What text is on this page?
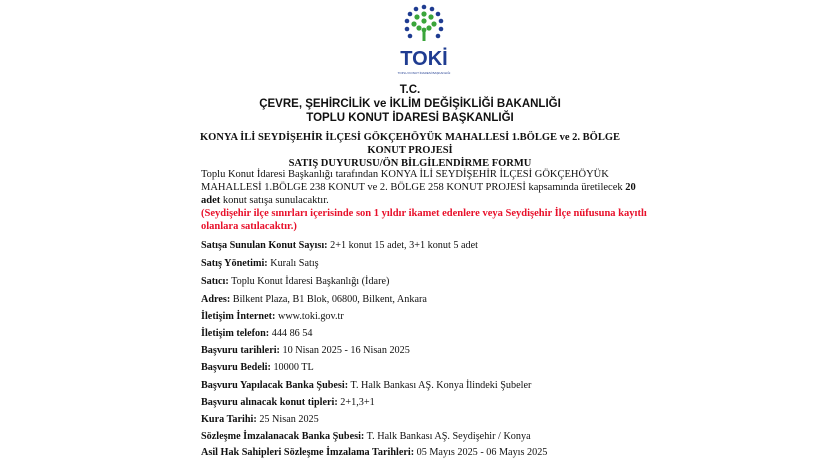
TOKİ
TOPLU KONUT İDARESİ BAŞKANLIĞI
T.C.
ÇEVRE, ŞEHİRCİLİK ve İKLİM DEĞİŞİKLİĞİ BAKANLIĞI
TOPLU KONUT İDARESİ BAŞKANLIĞI
KONYA İLİ SEYDİŞEHİR İLÇESİ GÖKÇEHÖYÜK MAHALLESİ 1.BÖLGE ve 2. BÖLGE
KONUT PROJESİ
SATIŞ DUYURUSU/ÖN BİLGİLENDİRME FORMU
Toplu Konut İdaresi Başkanlığı tarafından KONYA İLİ SEYDİŞEHİR İLÇESİ GÖKÇEHÖYÜK
MAHALLESİ 1.BÖLGE 238 KONUT ve 2. BÖLGE 258 KONUT PROJESİ kapsamında üretilecek 20
adet konut satışa sunulacaktır.
(Seydişehir ilçe sınırları içerisinde son 1 yıldır ikamet edenlere veya Seydişehir İlçe nüfusuna kayıtlı
olanlara satılacaktır.)
Satışa Sunulan Konut Sayısı: 2+1 konut 15 adet, 3+1 konut 5 adet
Satış Yönetimi: Kuralı Satış
Satıcı: Toplu Konut İdaresi Başkanlığı (İdare)
Adres: Bilkent Plaza, B1 Blok, 06800, Bilkent, Ankara
İletişim İnternet: www.toki.gov.tr
İletişim telefon: 444 86 54
Başvuru tarihleri: 10 Nisan 2025 - 16 Nisan 2025
Başvuru Bedeli: 10000 TL
Başvuru Yapılacak Banka Şubesi: T. Halk Bankası AŞ. Konya İlindeki Şubeler
Başvuru alınacak konut tipleri: 2+1,3+1
Kura Tarihi: 25 Nisan 2025
Sözleşme İmzalanacak Banka Şubesi: T. Halk Bankası AŞ. Seydişehir / Konya
Asil Hak Sahipleri Sözleşme İmzalama Tarihleri: 05 Mayıs 2025 - 06 Mayıs 2025
